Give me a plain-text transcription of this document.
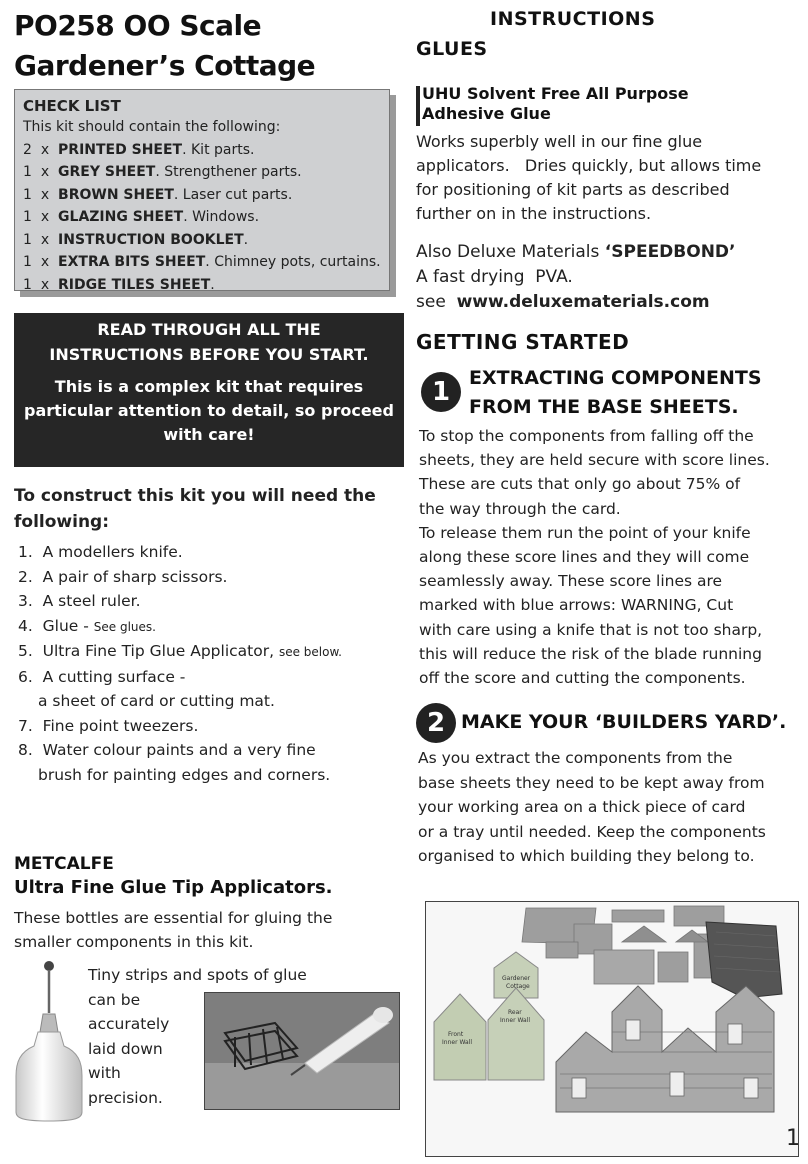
PO258 OO Scale
Gardener’s Cottage
CHECK LIST
This kit should contain the following:
2 x PRINTED SHEET. Kit parts.
1 x GREY SHEET. Strengthener parts.
1 x BROWN SHEET. Laser cut parts.
1 x GLAZING SHEET. Windows.
1 x INSTRUCTION BOOKLET.
1 x EXTRA BITS SHEET. Chimney pots, curtains.
1 x RIDGE TILES SHEET.
READ THROUGH ALL THE
INSTRUCTIONS BEFORE YOU START.
This is a complex kit that requires
particular attention to detail, so proceed
with care!
To construct this kit you will need the
following:
1. A modellers knife.
2. A pair of sharp scissors.
3. A steel ruler.
4. Glue - See glues.
5. Ultra Fine Tip Glue Applicator, see below.
6. A cutting surface -
a sheet of card or cutting mat.
7. Fine point tweezers.
8. Water colour paints and a very fine
brush for painting edges and corners.
METCALFE
Ultra Fine Glue Tip Applicators.
These bottles are essential for gluing the
smaller components in this kit.
Tiny strips and spots of glue
can be
accurately
laid down
with
precision.
INSTRUCTIONS
GLUES
UHU Solvent Free All Purpose
Adhesive Glue
Works superbly well in our fine glue
applicators.   Dries quickly, but allows time
for positioning of kit parts as described
further on in the instructions.
Also Deluxe Materials ‘SPEEDBOND’
A fast drying  PVA.
see  www.deluxematerials.com
GETTING STARTED
1 EXTRACTING COMPONENTS
FROM THE BASE SHEETS.
To stop the components from falling off the
sheets, they are held secure with score lines.
These are cuts that only go about 75% of
the way through the card.
To release them run the point of your knife
along these score lines and they will come
seamlessly away. These score lines are
marked with blue arrows: WARNING, Cut
with care using a knife that is not too sharp,
this will reduce the risk of the blade running
off the score and cutting the components.
2 MAKE YOUR ‘BUILDERS YARD’.
As you extract the components from the
base sheets they need to be kept away from
your working area on a thick piece of card
or a tray until needed. Keep the components
organised to which building they belong to.
Gardener
Cottage
Front
Inner Wall
Rear
Inner Wall
1
